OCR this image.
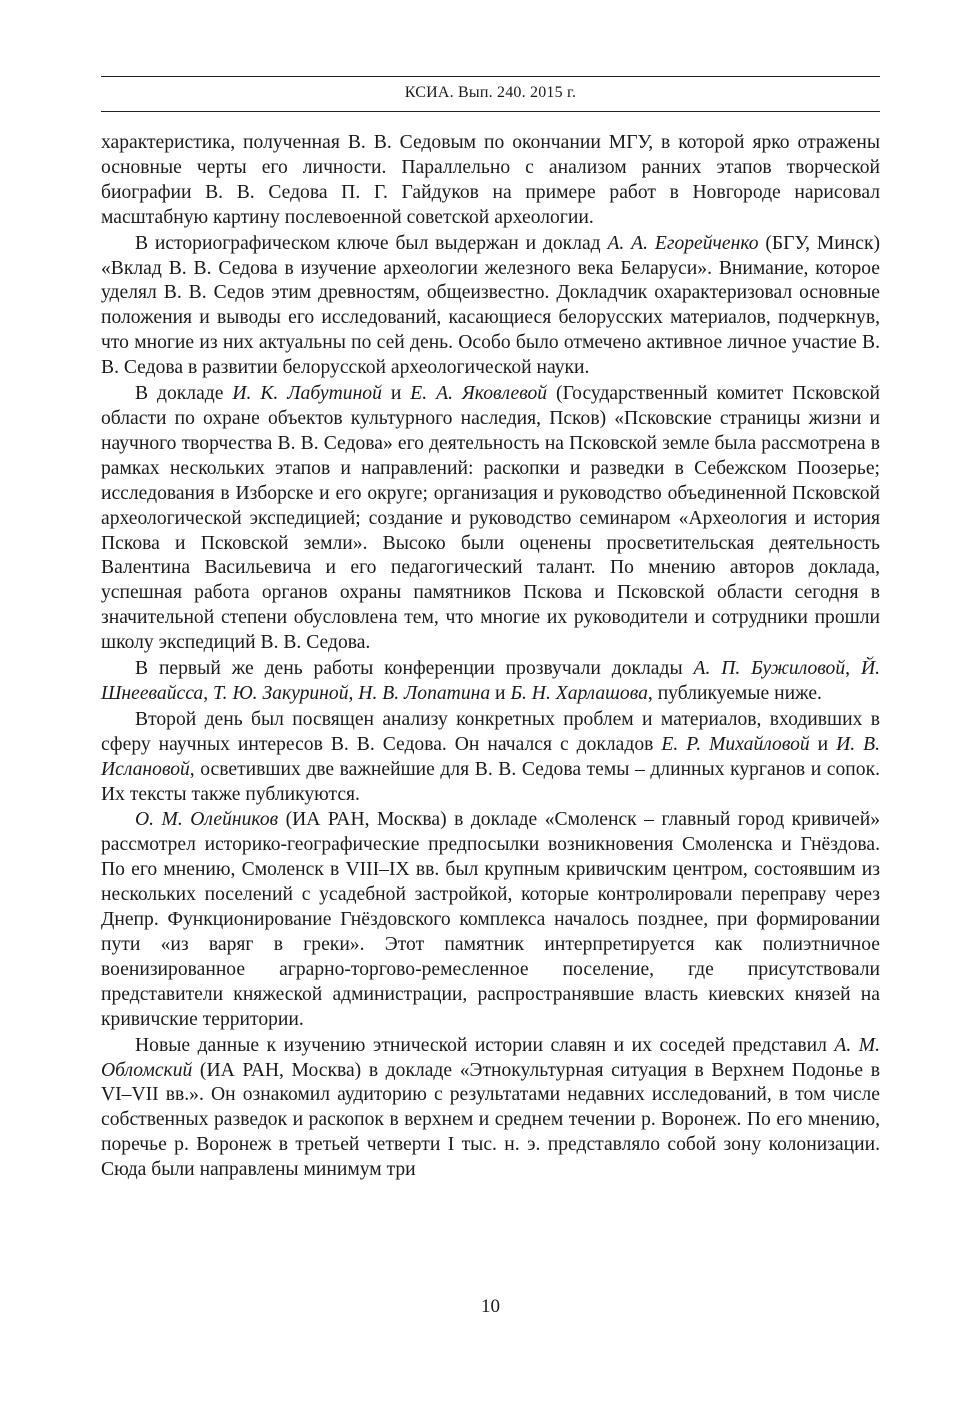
КСИА. Вып. 240. 2015 г.

характеристика, полученная В. В. Седовым по окончании МГУ, в которой ярко отражены основные черты его личности. Параллельно с анализом ранних этапов творческой биографии В. В. Седова П. Г. Гайдуков на примере работ в Новгороде нарисовал масштабную картину послевоенной советской археологии.

В историографическом ключе был выдержан и доклад А. А. Егорейченко (БГУ, Минск) «Вклад В. В. Седова в изучение археологии железного века Беларуси». Внимание, которое уделял В. В. Седов этим древностям, общеизвестно. Докладчик охарактеризовал основные положения и выводы его исследований, касающиеся белорусских материалов, подчеркнув, что многие из них актуальны по сей день. Особо было отмечено активное личное участие В. В. Седова в развитии белорусской археологической науки.

В докладе И. К. Лабутиной и Е. А. Яковлевой (Государственный комитет Псковской области по охране объектов культурного наследия, Псков) «Псковские страницы жизни и научного творчества В. В. Седова» его деятельность на Псковской земле была рассмотрена в рамках нескольких этапов и направлений: раскопки и разведки в Себежском Поозерье; исследования в Изборске и его округе; организация и руководство объединенной Псковской археологической экспедицией; создание и руководство семинаром «Археология и история Пскова и Псковской земли». Высоко были оценены просветительская деятельность Валентина Васильевича и его педагогический талант. По мнению авторов доклада, успешная работа органов охраны памятников Пскова и Псковской области сегодня в значительной степени обусловлена тем, что многие их руководители и сотрудники прошли школу экспедиций В. В. Седова.

В первый же день работы конференции прозвучали доклады А. П. Бужиловой, Й. Шнеевайсса, Т. Ю. Закуриной, Н. В. Лопатина и Б. Н. Харлашова, публикуемые ниже.

Второй день был посвящен анализу конкретных проблем и материалов, входивших в сферу научных интересов В. В. Седова. Он начался с докладов Е. Р. Михайловой и И. В. Ислановой, осветивших две важнейшие для В. В. Седова темы – длинных курганов и сопок. Их тексты также публикуются.

О. М. Олейников (ИА РАН, Москва) в докладе «Смоленск – главный город кривичей» рассмотрел историко-географические предпосылки возникновения Смоленска и Гнёздова. По его мнению, Смоленск в VIII–IX вв. был крупным кривичским центром, состоявшим из нескольких поселений с усадебной застройкой, которые контролировали переправу через Днепр. Функционирование Гнёздовского комплекса началось позднее, при формировании пути «из варяг в греки». Этот памятник интерпретируется как полиэтничное военизированное аграрно-торгово-ремесленное поселение, где присутствовали представители княжеской администрации, распространявшие власть киевских князей на кривичские территории.

Новые данные к изучению этнической истории славян и их соседей представил А. М. Обломский (ИА РАН, Москва) в докладе «Этнокультурная ситуация в Верхнем Подонье в VI–VII вв.». Он ознакомил аудиторию с результатами недавних исследований, в том числе собственных разведок и раскопок в верхнем и среднем течении р. Воронеж. По его мнению, поречье р. Воронеж в третьей четверти I тыс. н. э. представляло собой зону колонизации. Сюда были направлены минимум три

10
